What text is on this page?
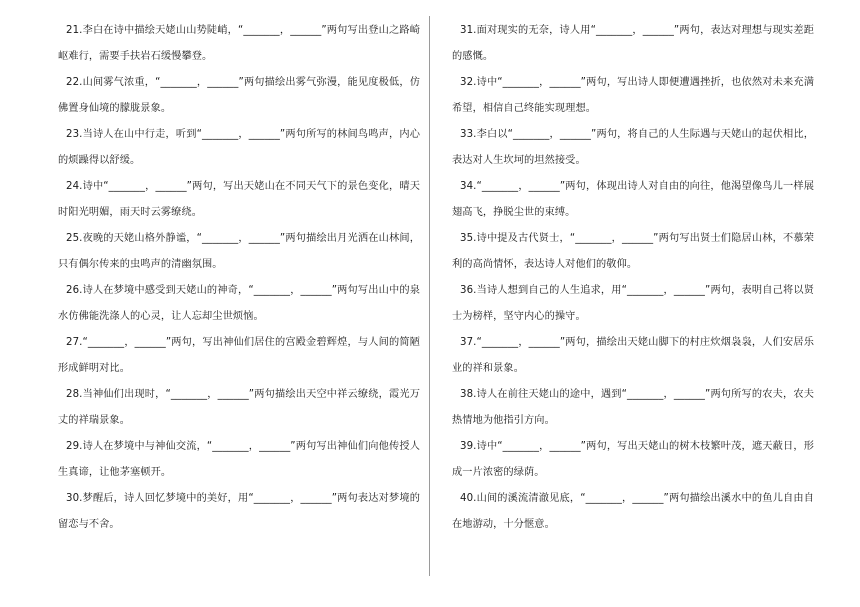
21.李白在诗中描绘天姥山山势陡峭，“_______，______”两句写出登山之路崎岖难行，需要手扶岩石缓慢攀登。

22.山间雾气浓重，“_______，______”两句描绘出雾气弥漫，能见度极低，仿佛置身仙境的朦胧景象。

23.当诗人在山中行走，听到“_______，______”两句所写的林间鸟鸣声，内心的烦躁得以舒缓。

24.诗中“_______，______”两句，写出天姥山在不同天气下的景色变化，晴天时阳光明媚，雨天时云雾缭绕。

25.夜晚的天姥山格外静谧，“_______，______”两句描绘出月光洒在山林间，只有偶尔传来的虫鸣声的清幽氛围。

26.诗人在梦境中感受到天姥山的神奇，“_______，______”两句写出山中的泉水仿佛能洗涤人的心灵，让人忘却尘世烦恼。

27.“_______，______”两句，写出神仙们居住的宫殿金碧辉煌，与人间的简陋形成鲜明对比。

28.当神仙们出现时，“_______，______”两句描绘出天空中祥云缭绕，霞光万丈的祥瑞景象。

29.诗人在梦境中与神仙交流，“_______，______”两句写出神仙们向他传授人生真谛，让他茅塞顿开。

30.梦醒后，诗人回忆梦境中的美好，用“_______，______”两句表达对梦境的留恋与不舍。

31.面对现实的无奈，诗人用“_______，______”两句，表达对理想与现实差距的感慨。

32.诗中“_______，______”两句，写出诗人即便遭遇挫折，也依然对未来充满希望，相信自己终能实现理想。

33.李白以“_______，______”两句，将自己的人生际遇与天姥山的起伏相比，表达对人生坎坷的坦然接受。

34.“_______，______”两句，体现出诗人对自由的向往，他渴望像鸟儿一样展翅高飞，挣脱尘世的束缚。

35.诗中提及古代贤士，“_______，______”两句写出贤士们隐居山林，不慕荣利的高尚情怀，表达诗人对他们的敬仰。

36.当诗人想到自己的人生追求，用“_______，______”两句，表明自己将以贤士为榜样，坚守内心的操守。

37.“_______，______”两句，描绘出天姥山脚下的村庄炊烟袅袅，人们安居乐业的祥和景象。

38.诗人在前往天姥山的途中，遇到“_______，______”两句所写的农夫，农夫热情地为他指引方向。

39.诗中“_______，______”两句，写出天姥山的树木枝繁叶茂，遮天蔽日，形成一片浓密的绿荫。

40.山间的溪流清澈见底，“_______，______”两句描绘出溪水中的鱼儿自由自在地游动，十分惬意。
